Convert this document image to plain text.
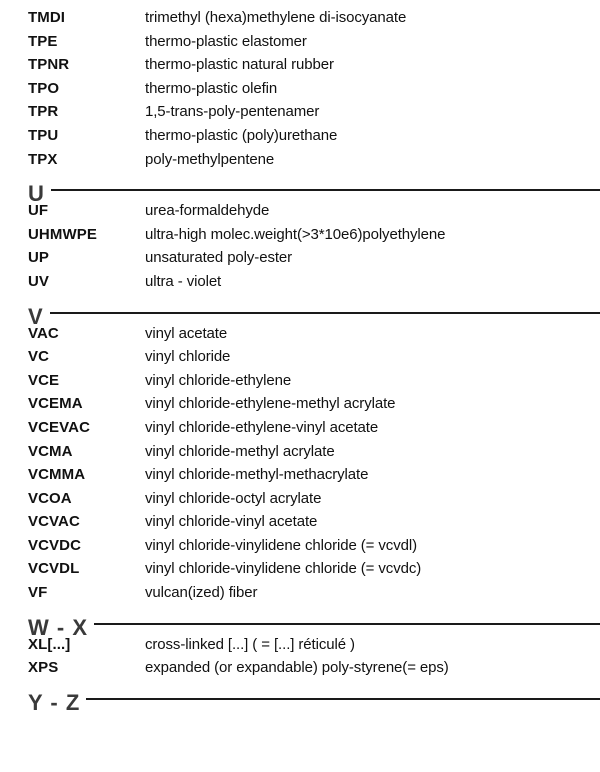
TMDI	trimethyl (hexa)methylene di-isocyanate
TPE	thermo-plastic elastomer
TPNR	thermo-plastic natural rubber
TPO	thermo-plastic olefin
TPR	1,5-trans-poly-pentenamer
TPU	thermo-plastic (poly)urethane
TPX	poly-methylpentene
U
UF	urea-formaldehyde
UHMWPE	ultra-high molec.weight(>3*10e6)polyethylene
UP	unsaturated poly-ester
UV	ultra - violet
V
VAC	vinyl acetate
VC	vinyl chloride
VCE	vinyl chloride-ethylene
VCEMA	vinyl chloride-ethylene-methyl acrylate
VCEVAC	vinyl chloride-ethylene-vinyl acetate
VCMA	vinyl chloride-methyl acrylate
VCMMA	vinyl chloride-methyl-methacrylate
VCOA	vinyl chloride-octyl acrylate
VCVAC	vinyl chloride-vinyl acetate
VCVDC	vinyl chloride-vinylidene chloride (= vcvdl)
VCVDL	vinyl chloride-vinylidene chloride (= vcvdc)
VF	vulcan(ized) fiber
W - X
XL[...]	cross-linked [...] ( = [...] réticulé )
XPS	expanded (or expandable) poly-styrene(= eps)
Y - Z
